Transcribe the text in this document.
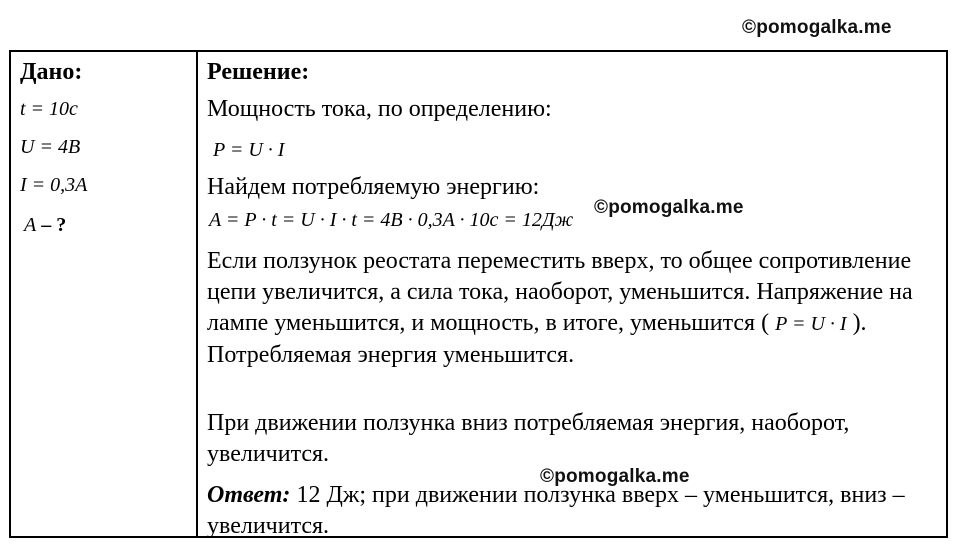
©pomogalka.me
Дано:
t = 10c
U = 4B
I = 0,3A
A – ?
Решение:
Мощность тока, по определению:
P = U · I
Найдем потребляемую энергию:
A = P · t = U · I · t = 4B · 0,3A · 10c = 12Дж
Если ползунок реостата переместить вверх, то общее сопротивление цепи увеличится, а сила тока, наоборот, уменьшится. Напряжение на лампе уменьшится, и мощность, в итоге, уменьшится ( P = U · I ). Потребляемая энергия уменьшится.
При движении ползунка вниз потребляемая энергия, наоборот, увеличится.
Ответ: 12 Дж; при движении ползунка вверх – уменьшится, вниз – увеличится.
©pomogalka.me
©pomogalka.me
